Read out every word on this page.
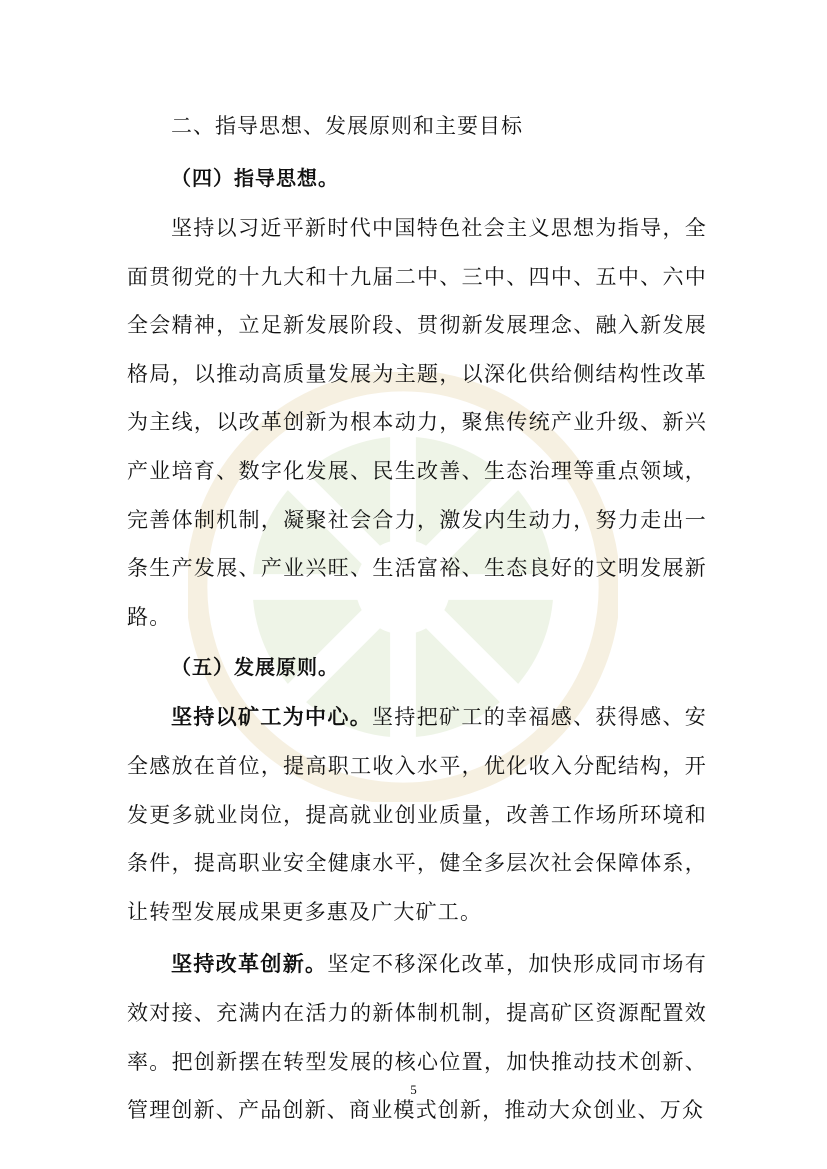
二、指导思想、发展原则和主要目标

（四）指导思想。

坚持以习近平新时代中国特色社会主义思想为指导，全面贯彻党的十九大和十九届二中、三中、四中、五中、六中全会精神，立足新发展阶段、贯彻新发展理念、融入新发展格局，以推动高质量发展为主题，以深化供给侧结构性改革为主线，以改革创新为根本动力，聚焦传统产业升级、新兴产业培育、数字化发展、民生改善、生态治理等重点领域，完善体制机制，凝聚社会合力，激发内生动力，努力走出一条生产发展、产业兴旺、生活富裕、生态良好的文明发展新路。

（五）发展原则。

坚持以矿工为中心。坚持把矿工的幸福感、获得感、安全感放在首位，提高职工收入水平，优化收入分配结构，开发更多就业岗位，提高就业创业质量，改善工作场所环境和条件，提高职业安全健康水平，健全多层次社会保障体系，让转型发展成果更多惠及广大矿工。

坚持改革创新。坚定不移深化改革，加快形成同市场有效对接、充满内在活力的新体制机制，提高矿区资源配置效率。把创新摆在转型发展的核心位置，加快推动技术创新、管理创新、产品创新、商业模式创新，推动大众创业、万众

5
